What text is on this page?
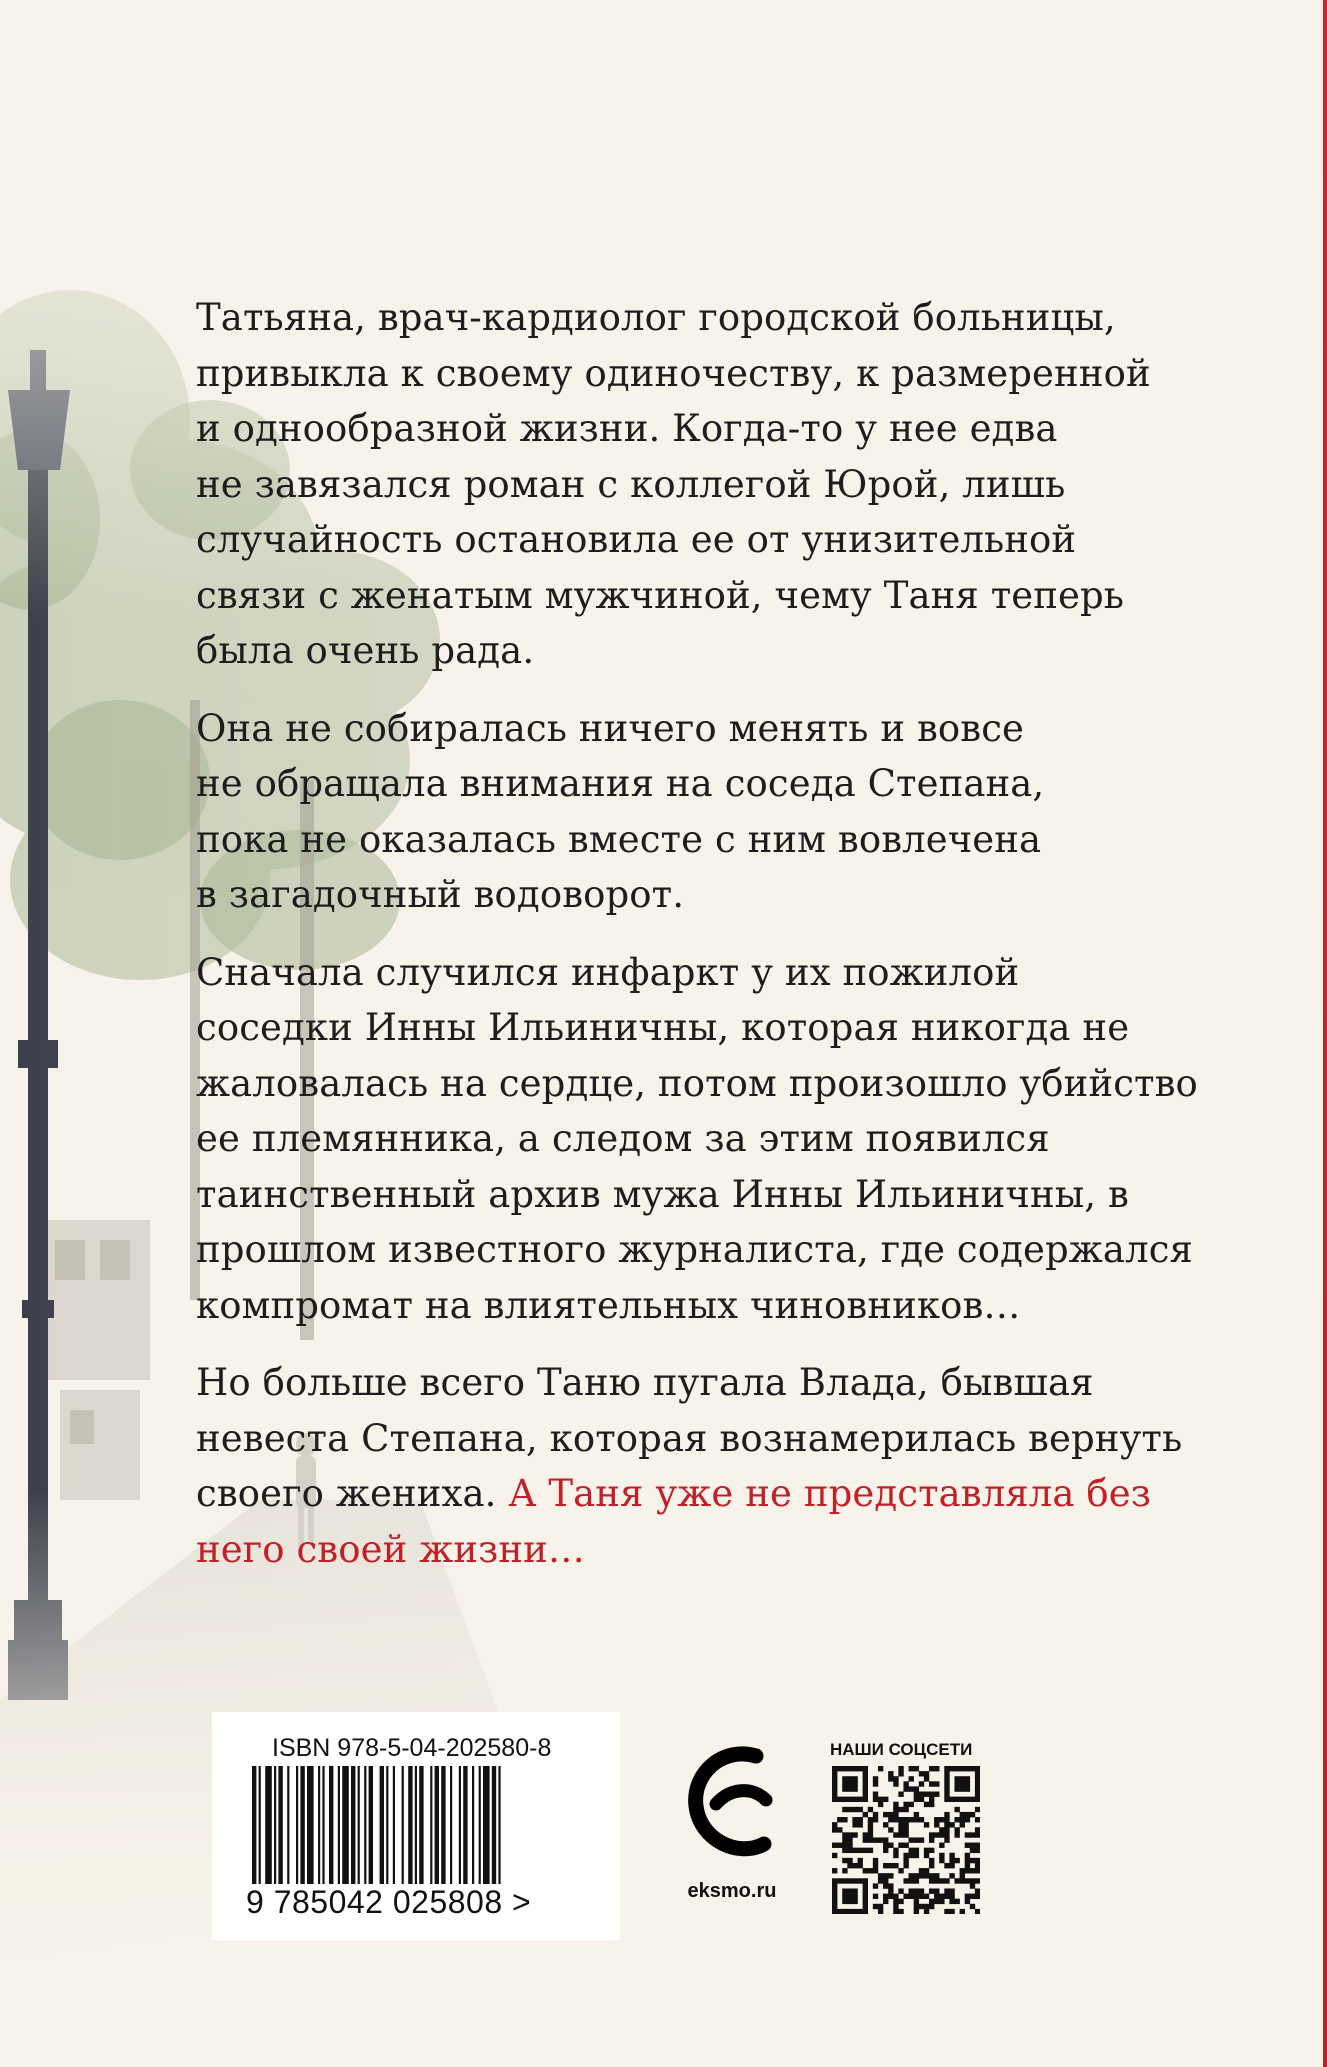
Татьяна, врач-кардиолог городской больницы,
привыкла к своему одиночеству, к размеренной
и однообразной жизни. Когда-то у нее едва
не завязался роман с коллегой Юрой, лишь
случайность остановила ее от унизительной
связи с женатым мужчиной, чему Таня теперь
была очень рада.

Она не собиралась ничего менять и вовсе
не обращала внимания на соседа Степана,
пока не оказалась вместе с ним вовлечена
в загадочный водоворот.

Сначала случился инфаркт у их пожилой
соседки Инны Ильиничны, которая никогда не
жаловалась на сердце, потом произошло убийство
ее племянника, а следом за этим появился
таинственный архив мужа Инны Ильиничны, в
прошлом известного журналиста, где содержался
компромат на влиятельных чиновников…

Но больше всего Таню пугала Влада, бывшая
невеста Степана, которая вознамерилась вернуть
своего жениха. А Таня уже не представляла без
него своей жизни…

ISBN 978-5-04-202580-8

9 785042 025808 >	eksmo.ru
НАШИ СОЦСЕТИ
